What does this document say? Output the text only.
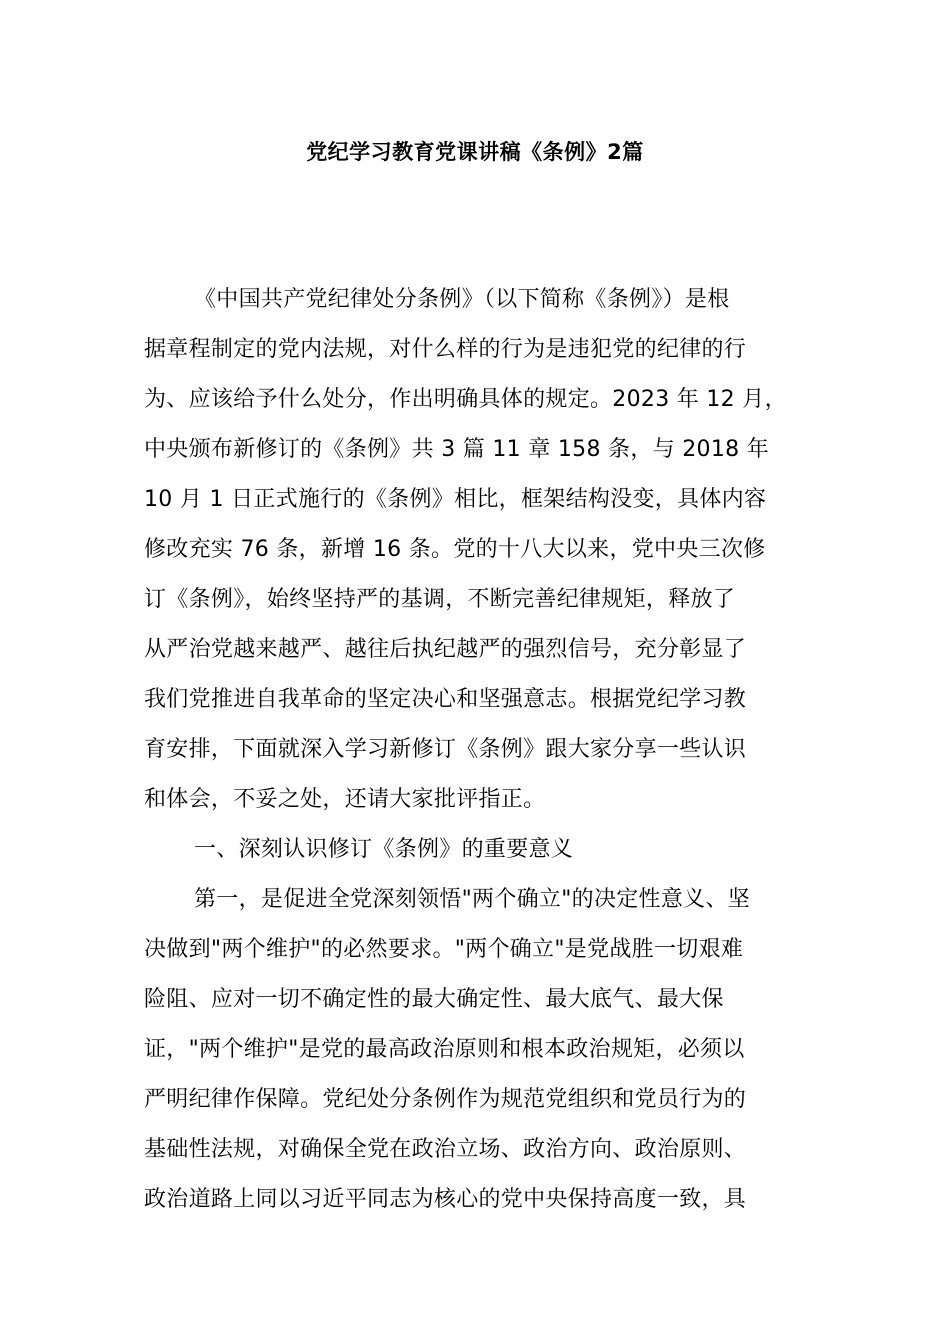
党纪学习教育党课讲稿《条例》2篇
《中国共产党纪律处分条例》（以下简称《条例》）是根
据章程制定的党内法规，对什么样的行为是违犯党的纪律的行
为、应该给予什么处分，作出明确具体的规定。2023 年 12 月，
中央颁布新修订的《条例》共 3 篇 11 章 158 条，与 2018 年
10 月 1 日正式施行的《条例》相比，框架结构没变，具体内容
修改充实 76 条，新增 16 条。党的十八大以来，党中央三次修
订《条例》，始终坚持严的基调，不断完善纪律规矩，释放了
从严治党越来越严、越往后执纪越严的强烈信号，充分彰显了
我们党推进自我革命的坚定决心和坚强意志。根据党纪学习教
育安排，下面就深入学习新修订《条例》跟大家分享一些认识
和体会，不妥之处，还请大家批评指正。
一、深刻认识修订《条例》的重要意义
第一，是促进全党深刻领悟"两个确立"的决定性意义、坚
决做到"两个维护"的必然要求。"两个确立"是党战胜一切艰难
险阻、应对一切不确定性的最大确定性、最大底气、最大保
证，"两个维护"是党的最高政治原则和根本政治规矩，必须以
严明纪律作保障。党纪处分条例作为规范党组织和党员行为的
基础性法规，对确保全党在政治立场、政治方向、政治原则、
政治道路上同以习近平同志为核心的党中央保持高度一致，具
